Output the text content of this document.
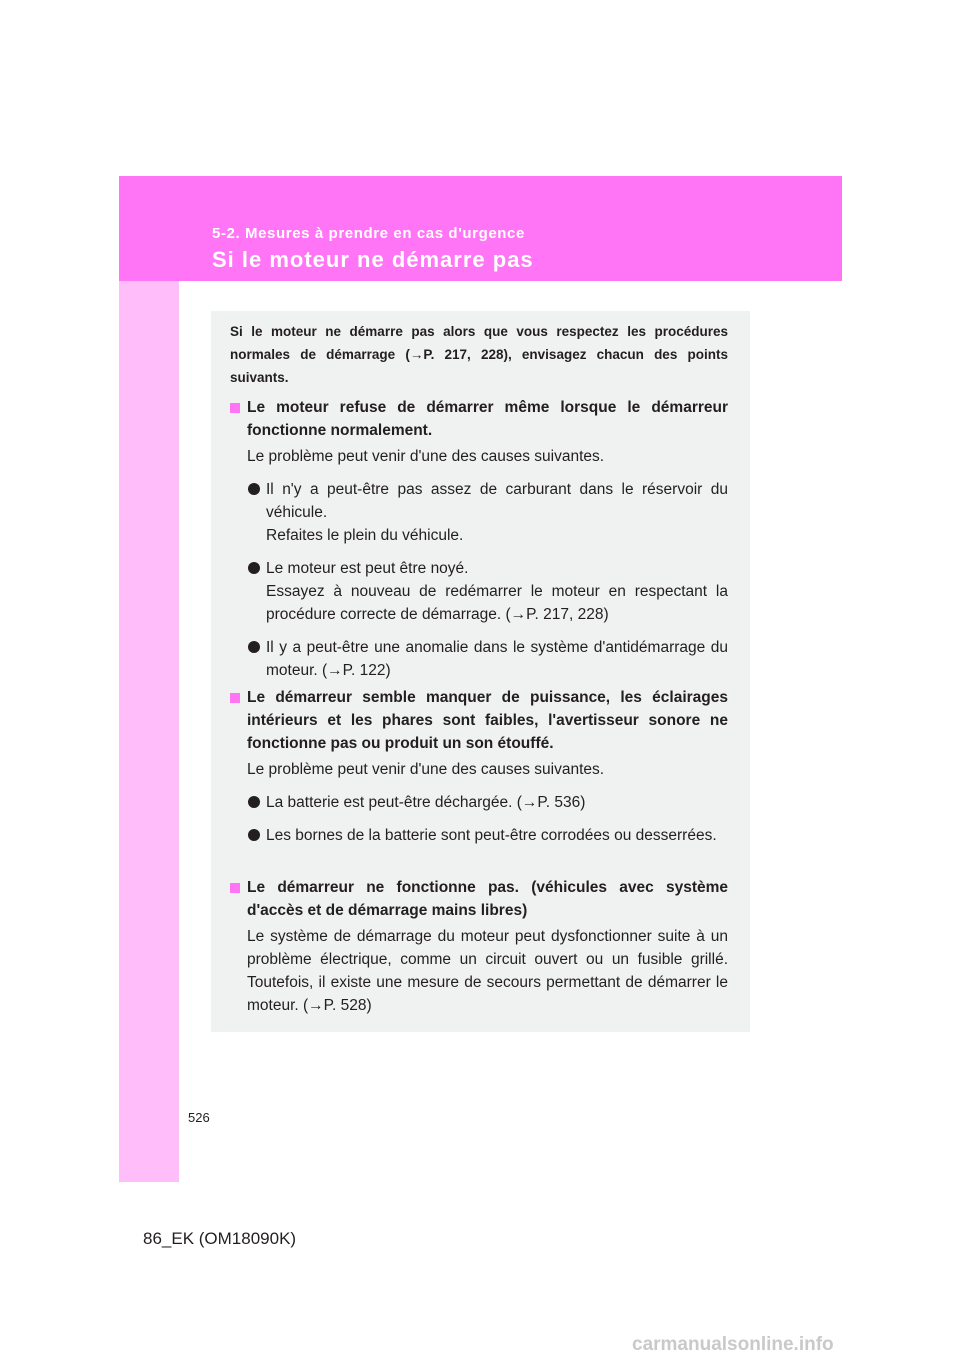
5-2. Mesures à prendre en cas d'urgence
Si le moteur ne démarre pas
Si le moteur ne démarre pas alors que vous respectez les procédures normales de démarrage (→P. 217, 228), envisagez chacun des points suivants.
Le moteur refuse de démarrer même lorsque le démarreur fonctionne normalement.
Le problème peut venir d'une des causes suivantes.
Il n'y a peut-être pas assez de carburant dans le réservoir du véhicule.
Refaites le plein du véhicule.
Le moteur est peut être noyé.
Essayez à nouveau de redémarrer le moteur en respectant la procédure correcte de démarrage. (→P. 217, 228)
Il y a peut-être une anomalie dans le système d'antidémarrage du moteur. (→P. 122)
Le démarreur semble manquer de puissance, les éclairages intérieurs et les phares sont faibles, l'avertisseur sonore ne fonctionne pas ou produit un son étouffé.
Le problème peut venir d'une des causes suivantes.
La batterie est peut-être déchargée. (→P. 536)
Les bornes de la batterie sont peut-être corrodées ou desserrées.
Le démarreur ne fonctionne pas. (véhicules avec système d'accès et de démarrage mains libres)
Le système de démarrage du moteur peut dysfonctionner suite à un problème électrique, comme un circuit ouvert ou un fusible grillé. Toutefois, il existe une mesure de secours permettant de démarrer le moteur. (→P. 528)
526
86_EK (OM18090K)
carmanualsonline.info
